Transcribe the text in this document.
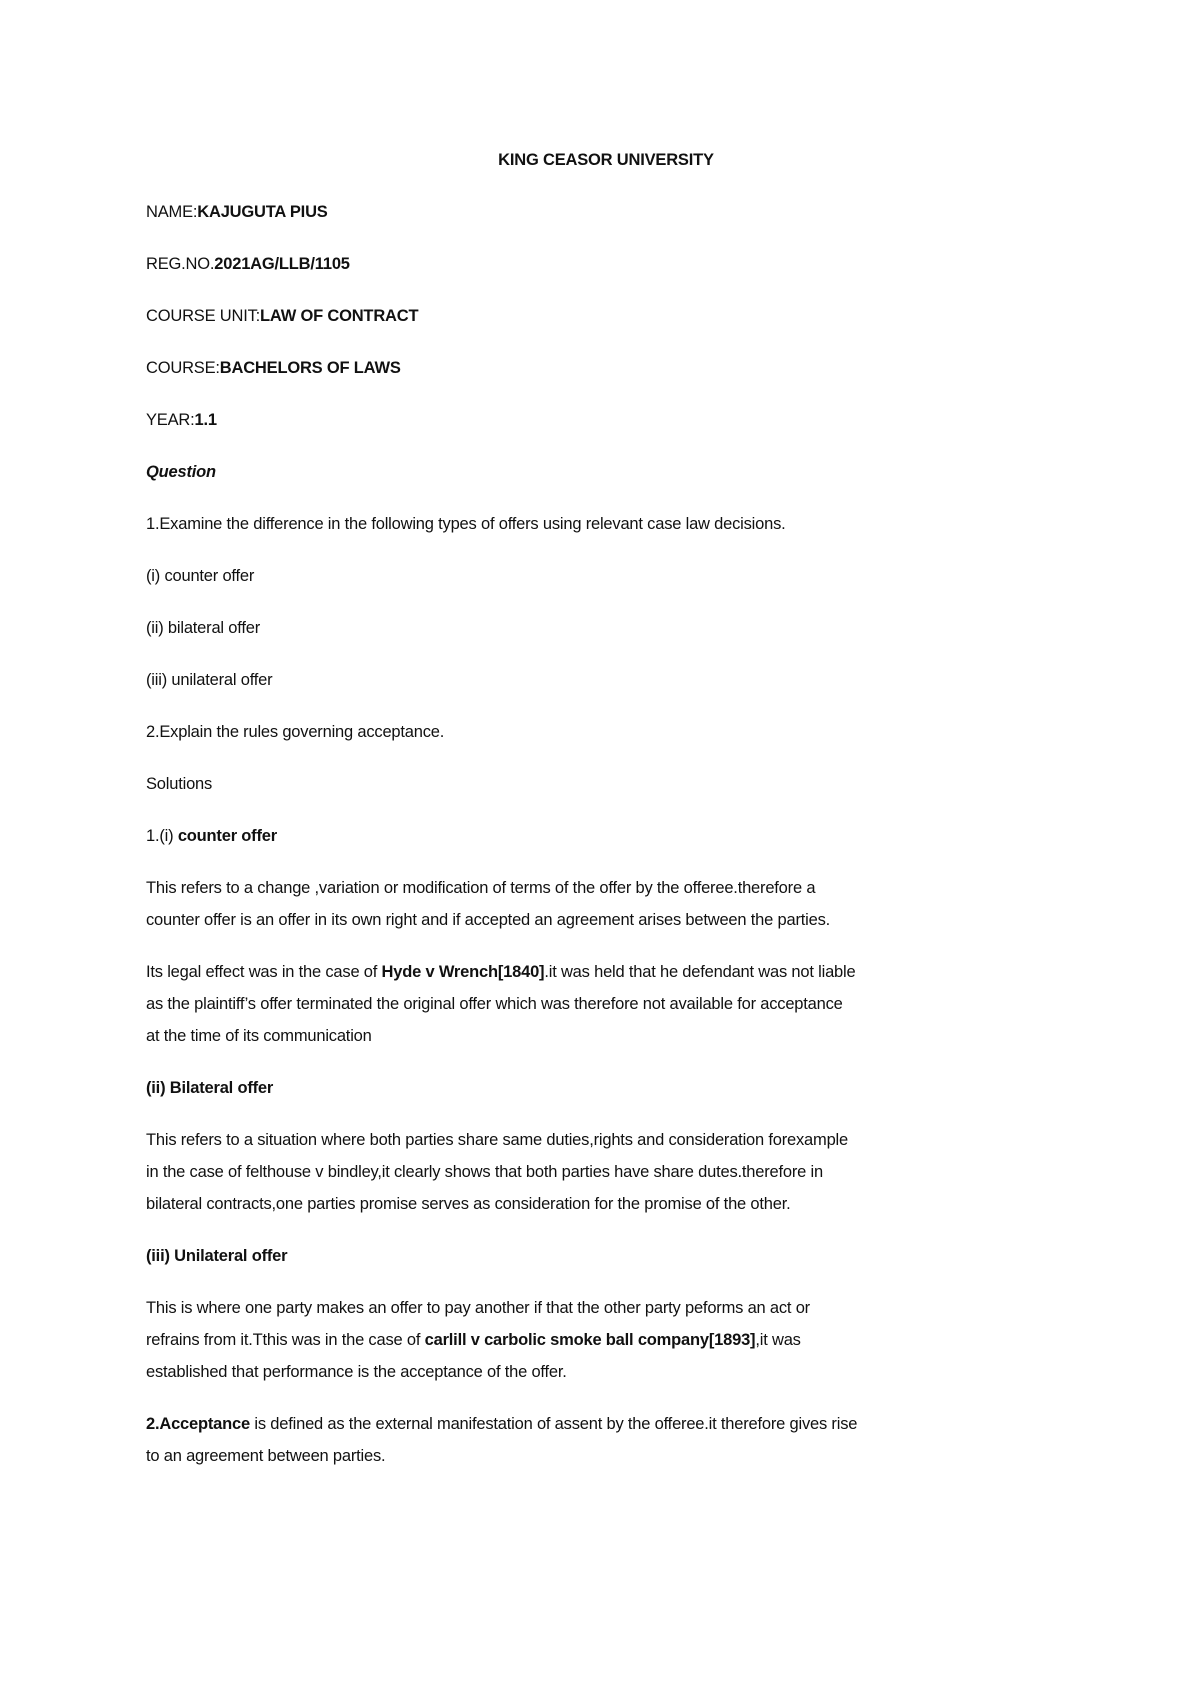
KING CEASOR UNIVERSITY

NAME:KAJUGUTA PIUS

REG.NO.2021AG/LLB/1105

COURSE UNIT:LAW OF CONTRACT

COURSE:BACHELORS OF LAWS

YEAR:1.1

Question

1.Examine the difference in the following types of offers using relevant case law decisions.

(i) counter offer

(ii) bilateral offer

(iii) unilateral offer

2.Explain the rules governing acceptance.

Solutions

1.(i) counter offer

This refers to a change ,variation or modification of terms of the offer by the offeree.therefore a
counter offer is an offer in its own right and if accepted an agreement arises between the parties.

Its legal effect was in the case of Hyde v Wrench[1840].it was held that he defendant was not liable
as the plaintiff’s offer terminated the original offer which was therefore not available for acceptance
at the time of its communication

(ii) Bilateral offer

This refers to a situation where both parties share same duties,rights and consideration forexample
in the case of felthouse v bindley,it clearly shows that both parties have share dutes.therefore in
bilateral contracts,one parties promise serves as consideration for the promise of the other.

(iii) Unilateral offer

This is where one party makes an offer to pay another if that the other party peforms an act or
refrains from it.Tthis was in the case of carlill v carbolic smoke ball company[1893],it was
established that performance is the acceptance of the offer.

2.Acceptance is defined as the external manifestation of assent by the offeree.it therefore gives rise
to an agreement between parties.
